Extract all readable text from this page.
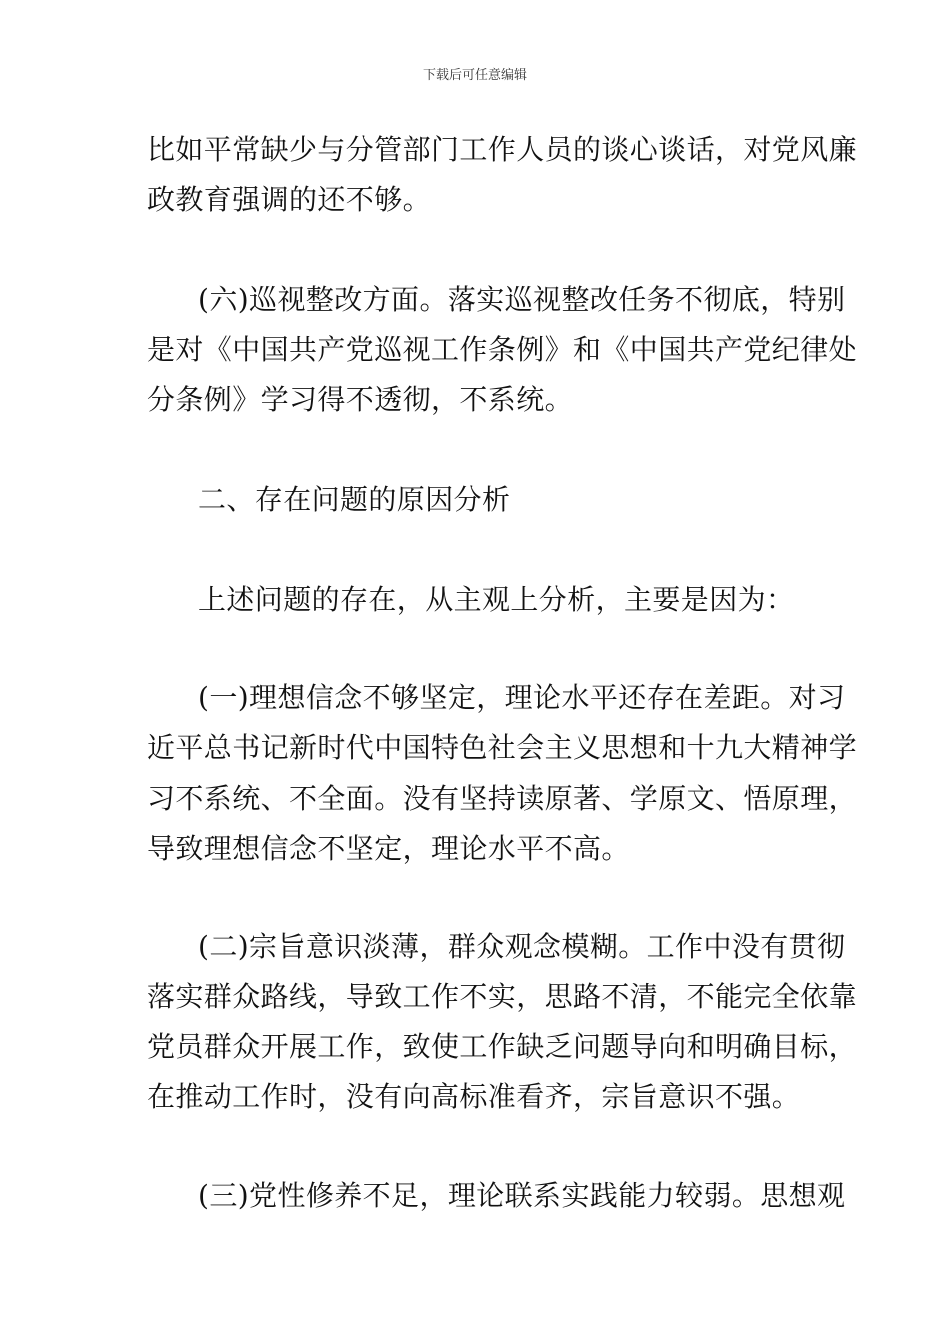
下载后可任意编辑
比如平常缺少与分管部门工作人员的谈心谈话，对党风廉
政教育强调的还不够。
(六)巡视整改方面。落实巡视整改任务不彻底，特别
是对《中国共产党巡视工作条例》和《中国共产党纪律处
分条例》学习得不透彻，不系统。
二、存在问题的原因分析
上述问题的存在，从主观上分析，主要是因为：
(一)理想信念不够坚定，理论水平还存在差距。对习
近平总书记新时代中国特色社会主义思想和十九大精神学
习不系统、不全面。没有坚持读原著、学原文、悟原理，
导致理想信念不坚定，理论水平不高。
(二)宗旨意识淡薄，群众观念模糊。工作中没有贯彻
落实群众路线，导致工作不实，思路不清，不能完全依靠
党员群众开展工作，致使工作缺乏问题导向和明确目标，
在推动工作时，没有向高标准看齐，宗旨意识不强。
(三)党性修养不足，理论联系实践能力较弱。思想观
